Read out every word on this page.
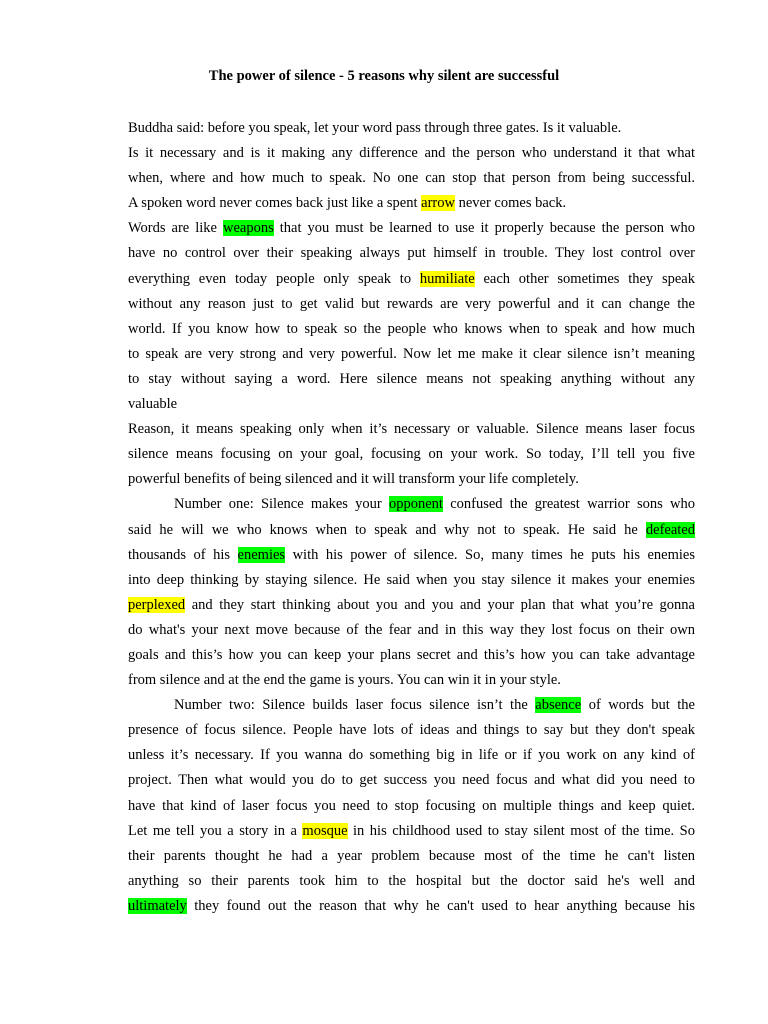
The power of silence - 5 reasons why silent are successful
Buddha said: before you speak, let your word pass through three gates. Is it valuable.
Is it necessary and is it making any difference and the person who understand it that what
when, where and how much to speak. No one can stop that person from being successful.
A spoken word never comes back just like a spent arrow never comes back.
Words are like weapons that you must be learned to use it properly because the person who
have no control over their speaking always put himself in trouble. They lost control over
everything even today people only speak to humiliate each other sometimes they speak
without any reason just to get valid but rewards are very powerful and it can change the
world. If you know how to speak so the people who knows when to speak and how much
to speak are very strong and very powerful. Now let me make it clear silence isn’t meaning
to stay without saying a word. Here silence means not speaking anything without any
valuable
Reason, it means speaking only when it’s necessary or valuable. Silence means laser focus
silence means focusing on your goal, focusing on your work. So today, I’ll tell you five
powerful benefits of being silenced and it will transform your life completely.
Number one: Silence makes your opponent confused the greatest warrior sons who
said he will we who knows when to speak and why not to speak. He said he defeated
thousands of his enemies with his power of silence. So, many times he puts his enemies
into deep thinking by staying silence. He said when you stay silence it makes your enemies
perplexed and they start thinking about you and you and your plan that what you’re gonna
do what's your next move because of the fear and in this way they lost focus on their own
goals and this’s how you can keep your plans secret and this’s how you can take advantage
from silence and at the end the game is yours. You can win it in your style.
Number two: Silence builds laser focus silence isn’t the absence of words but the
presence of focus silence. People have lots of ideas and things to say but they don't speak
unless it’s necessary. If you wanna do something big in life or if you work on any kind of
project. Then what would you do to get success you need focus and what did you need to
have that kind of laser focus you need to stop focusing on multiple things and keep quiet.
Let me tell you a story in a mosque in his childhood used to stay silent most of the time. So
their parents thought he had a year problem because most of the time he can't listen
anything so their parents took him to the hospital but the doctor said he's well and
ultimately they found out the reason that why he can't used to hear anything because his
